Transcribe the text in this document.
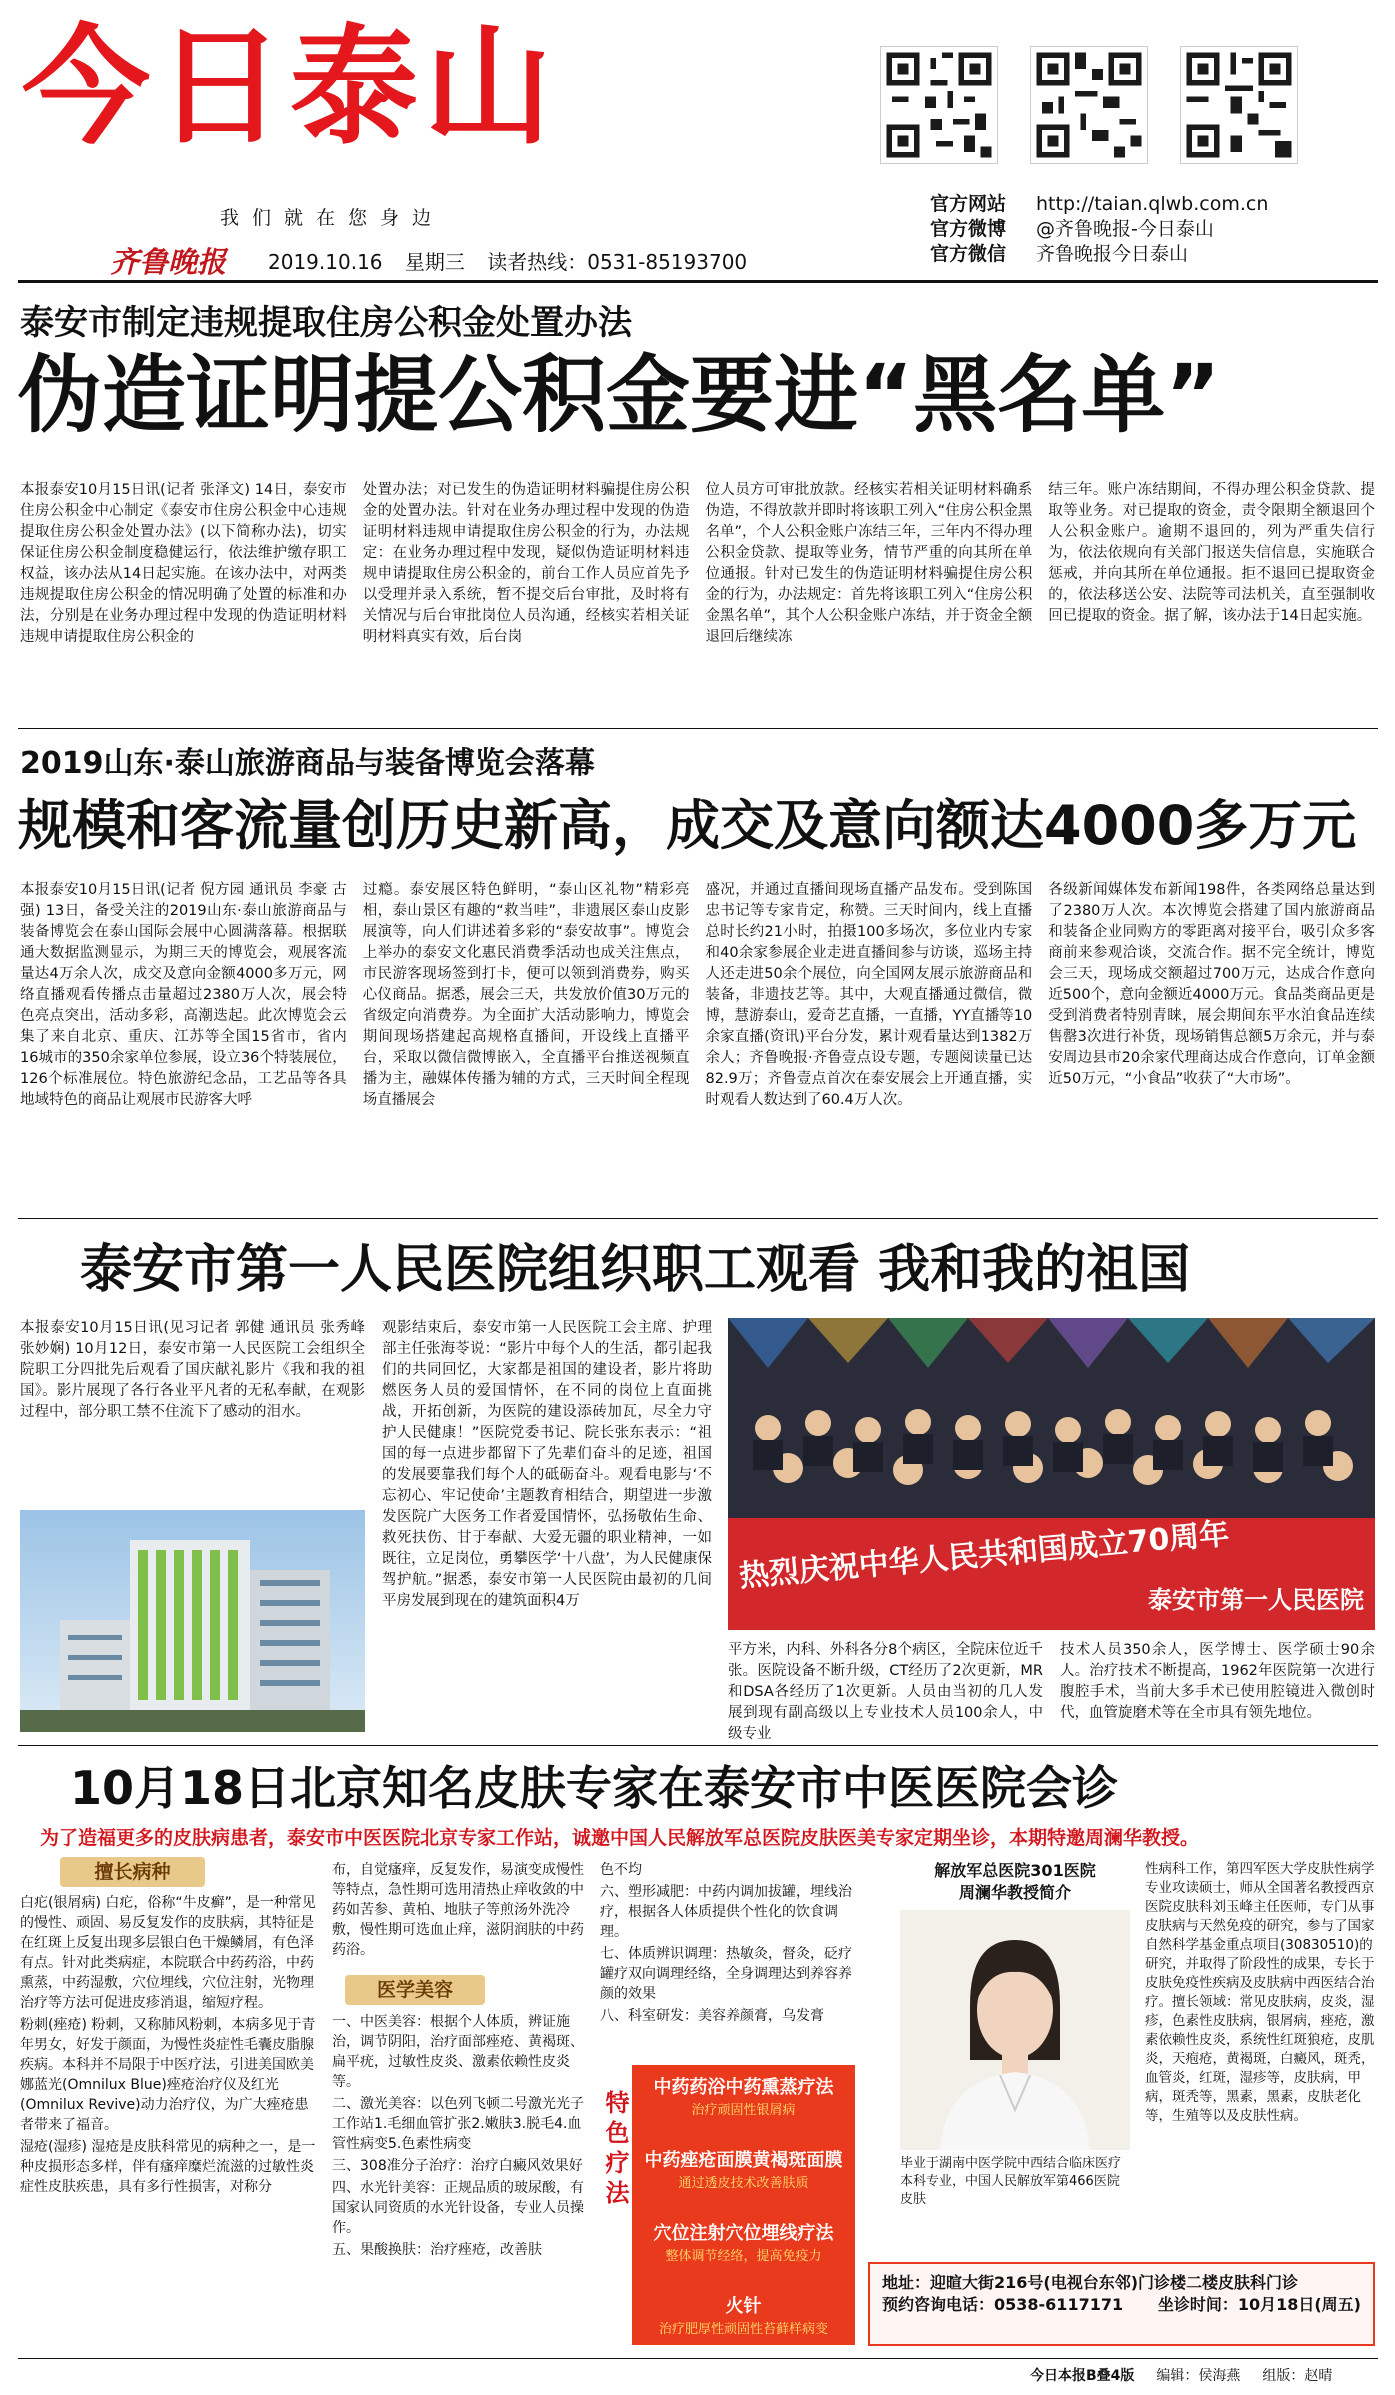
今日泰山
我们就在您身边
齐鲁晚报 2019.10.16 星期三 读者热线：0531-85193700
官方网站	http://taian.qlwb.com.cn
官方微博	@齐鲁晚报-今日泰山
官方微信	齐鲁晚报今日泰山
泰安市制定违规提取住房公积金处置办法
伪造证明提公积金要进“黑名单”

本报泰安10月15日讯(记者 张泽文) 14日，泰安市住房公积金中心制定《泰安市住房公积金中心违规提取住房公积金处置办法》(以下简称办法)，切实保证住房公积金制度稳健运行，依法维护缴存职工权益，该办法从14日起实施。在该办法中，对两类违规提取住房公积金的情况明确了处置的标准和办法，分别是在业务办理过程中发现的伪造证明材料违规申请提取住房公积金的

处置办法；对已发生的伪造证明材料骗提住房公积金的处置办法。针对在业务办理过程中发现的伪造证明材料违规申请提取住房公积金的行为，办法规定：在业务办理过程中发现，疑似伪造证明材料违规申请提取住房公积金的，前台工作人员应首先予以受理并录入系统，暂不提交后台审批，及时将有关情况与后台审批岗位人员沟通，经核实若相关证明材料真实有效，后台岗

位人员方可审批放款。经核实若相关证明材料确系伪造，不得放款并即时将该职工列入“住房公积金黑名单”，个人公积金账户冻结三年，三年内不得办理公积金贷款、提取等业务，情节严重的向其所在单位通报。针对已发生的伪造证明材料骗提住房公积金的行为，办法规定：首先将该职工列入“住房公积金黑名单”，其个人公积金账户冻结，并于资金全额退回后继续冻

结三年。账户冻结期间，不得办理公积金贷款、提取等业务。对已提取的资金，责令限期全额退回个人公积金账户。逾期不退回的，列为严重失信行为，依法依规向有关部门报送失信信息，实施联合惩戒，并向其所在单位通报。拒不退回已提取资金的，依法移送公安、法院等司法机关，直至强制收回已提取的资金。据了解，该办法于14日起实施。

2019山东·泰山旅游商品与装备博览会落幕
规模和客流量创历史新高，成交及意向额达4000多万元

本报泰安10月15日讯(记者 倪方园 通讯员 李豪 古强) 13日，备受关注的2019山东·泰山旅游商品与装备博览会在泰山国际会展中心圆满落幕。根据联通大数据监测显示，为期三天的博览会，观展客流量达4万余人次，成交及意向金额4000多万元，网络直播观看传播点击量超过2380万人次，展会特色亮点突出，活动多彩，高潮迭起。此次博览会云集了来自北京、重庆、江苏等全国15省市，省内16城市的350余家单位参展，设立36个特装展位，126个标准展位。特色旅游纪念品，工艺品等各具地域特色的商品让观展市民游客大呼

过瘾。泰安展区特色鲜明，“泰山区礼物”精彩亮相，泰山景区有趣的“救当哇”，非遗展区泰山皮影展演等，向人们讲述着多彩的“泰安故事”。博览会上举办的泰安文化惠民消费季活动也成关注焦点，市民游客现场签到打卡，便可以领到消费券，购买心仪商品。据悉，展会三天，共发放价值30万元的省级定向消费券。为全面扩大活动影响力，博览会期间现场搭建起高规格直播间，开设线上直播平台，采取以微信微博嵌入，全直播平台推送视频直播为主，融媒体传播为辅的方式，三天时间全程现场直播展会

盛况，并通过直播间现场直播产品发布。受到陈国忠书记等专家肯定，称赞。三天时间内，线上直播总时长约21小时，拍摄100多场次，多位业内专家和40余家参展企业走进直播间参与访谈，巡场主持人还走进50余个展位，向全国网友展示旅游商品和装备，非遗技艺等。其中，大观直播通过微信，微博，慧游泰山，爱奇艺直播，一直播，YY直播等10余家直播(资讯)平台分发，累计观看量达到1382万余人；齐鲁晚报·齐鲁壹点设专题，专题阅读量已达82.9万；齐鲁壹点首次在泰安展会上开通直播，实时观看人数达到了60.4万人次。

各级新闻媒体发布新闻198件，各类网络总量达到了2380万人次。本次博览会搭建了国内旅游商品和装备企业同购方的零距离对接平台，吸引众多客商前来参观洽谈，交流合作。据不完全统计，博览会三天，现场成交额超过700万元，达成合作意向近500个，意向金额近4000万元。食品类商品更是受到消费者特别青睐，展会期间东平水泊食品连续售罄3次进行补货，现场销售总额5万余元，并与泰安周边县市20余家代理商达成合作意向，订单金额近50万元，“小食品”收获了“大市场”。

泰安市第一人民医院组织职工观看 我和我的祖国

本报泰安10月15日讯(见习记者 郭健 通讯员 张秀峰 张妙娴) 10月12日，泰安市第一人民医院工会组织全院职工分四批先后观看了国庆献礼影片《我和我的祖国》。影片展现了各行各业平凡者的无私奉献，在观影过程中，部分职工禁不住流下了感动的泪水。

观影结束后，泰安市第一人民医院工会主席、护理部主任张海苓说：“影片中每个人的生活，都引起我们的共同回忆，大家都是祖国的建设者，影片将助燃医务人员的爱国情怀，在不同的岗位上直面挑战，开拓创新，为医院的建设添砖加瓦，尽全力守护人民健康！”医院党委书记、院长张东表示：“祖国的每一点进步都留下了先辈们奋斗的足迹，祖国的发展要靠我们每个人的砥砺奋斗。观看电影与‘不忘初心、牢记使命’主题教育相结合，期望进一步激发医院广大医务工作者爱国情怀，弘扬敬佑生命、救死扶伤、甘于奉献、大爱无疆的职业精神，一如既往，立足岗位，勇攀医学‘十八盘’，为人民健康保驾护航。”据悉，泰安市第一人民医院由最初的几间平房发展到现在的建筑面积4万

热烈庆祝中华人民共和国成立70周年
泰安市第一人民医院

平方米，内科、外科各分8个病区，全院床位近千张。医院设备不断升级，CT经历了2次更新，MR和DSA各经历了1次更新。人员由当初的几人发展到现有副高级以上专业技术人员100余人，中级专业

技术人员350余人，医学博士、医学硕士90余人。治疗技术不断提高，1962年医院第一次进行腹腔手术，当前大多手术已使用腔镜进入微创时代，血管旋磨术等在全市具有领先地位。

10月18日北京知名皮肤专家在泰安市中医医院会诊
为了造福更多的皮肤病患者，泰安市中医医院北京专家工作站，诚邀中国人民解放军总医院皮肤医美专家定期坐诊，本期特邀周澜华教授。
擅长病种

白疕(银屑病) 白疕，俗称“牛皮癣”，是一种常见的慢性、顽固、易反复发作的皮肤病，其特征是在红斑上反复出现多层银白色干燥鳞屑，有色泽有点。针对此类病症，本院联合中药药浴，中药熏蒸，中药湿敷，穴位埋线，穴位注射，光物理治疗等方法可促进皮疹消退，缩短疗程。

粉刺(痤疮) 粉刺，又称肺风粉刺，本病多见于青年男女，好发于颜面，为慢性炎症性毛囊皮脂腺疾病。本科并不局限于中医疗法，引进美国欧美娜蓝光(Omnilux Blue)痤疮治疗仪及红光(Omnilux Revive)动力治疗仪，为广大痤疮患者带来了福音。

湿疮(湿疹) 湿疮是皮肤科常见的病种之一，是一种皮损形态多样，伴有瘙痒糜烂流滋的过敏性炎症性皮肤疾患，具有多行性损害，对称分

布，自觉瘙痒，反复发作，易演变成慢性等特点，急性期可选用清热止痒收敛的中药如苦参、黄柏、地肤子等煎汤外洗冷敷，慢性期可选血止痒，滋阴润肤的中药药浴。

医学美容

一、中医美容：根据个人体质，辨证施治，调节阴阳，治疗面部痤疮、黄褐斑、扁平疣，过敏性皮炎、激素依赖性皮炎等。

二、激光美容：以色列飞顿二号激光光子工作站1.毛细血管扩张2.嫩肤3.脱毛4.血管性病变5.色素性病变

三、308准分子治疗：治疗白癜风效果好

四、水光针美容：正规品质的玻尿酸，有国家认同资质的水光针设备，专业人员操作。

五、果酸换肤：治疗痤疮，改善肤

色不均

六、塑形减肥：中药内调加拔罐，埋线治疗，根据各人体质提供个性化的饮食调理。

七、体质辨识调理：热敏灸，督灸，砭疗罐疗双向调理经络，全身调理达到养容养颜的效果

八、科室研发：美容养颜膏，乌发膏

特色疗法
中药药浴中药熏蒸疗法
治疗顽固性银屑病
中药痤疮面膜黄褐斑面膜
通过透皮技术改善肤质
穴位注射穴位埋线疗法
整体调节经络，提高免疫力
火针
治疗肥厚性顽固性苔藓样病变
解放军总医院301医院
周澜华教授简介

毕业于湖南中医学院中西结合临床医疗本科专业，中国人民解放军第466医院皮肤

性病科工作，第四军医大学皮肤性病学专业攻读硕士，师从全国著名教授西京医院皮肤科刘玉峰主任医师，专门从事皮肤病与天然免疫的研究，参与了国家自然科学基金重点项目(30830510)的研究，并取得了阶段性的成果，专长于皮肤免疫性疾病及皮肤病中西医结合治疗。擅长领域：常见皮肤病，皮炎，湿疹，色素性皮肤病，银屑病，痤疮，激素依赖性皮炎，系统性红斑狼疮，皮肌炎，天疱疮，黄褐斑，白癜风，斑秃，血管炎，红斑，湿疹等，皮肤病，甲病，斑秃等，黑素，黑素，皮肤老化等，生殖等以及皮肤性病。

地址：迎暄大街216号(电视台东邻)门诊楼二楼皮肤科门诊
预约咨询电话：0538-6117171 坐诊时间：10月18日(周五)
今日本报B叠4版 编辑：侯海燕 组版：赵晴
